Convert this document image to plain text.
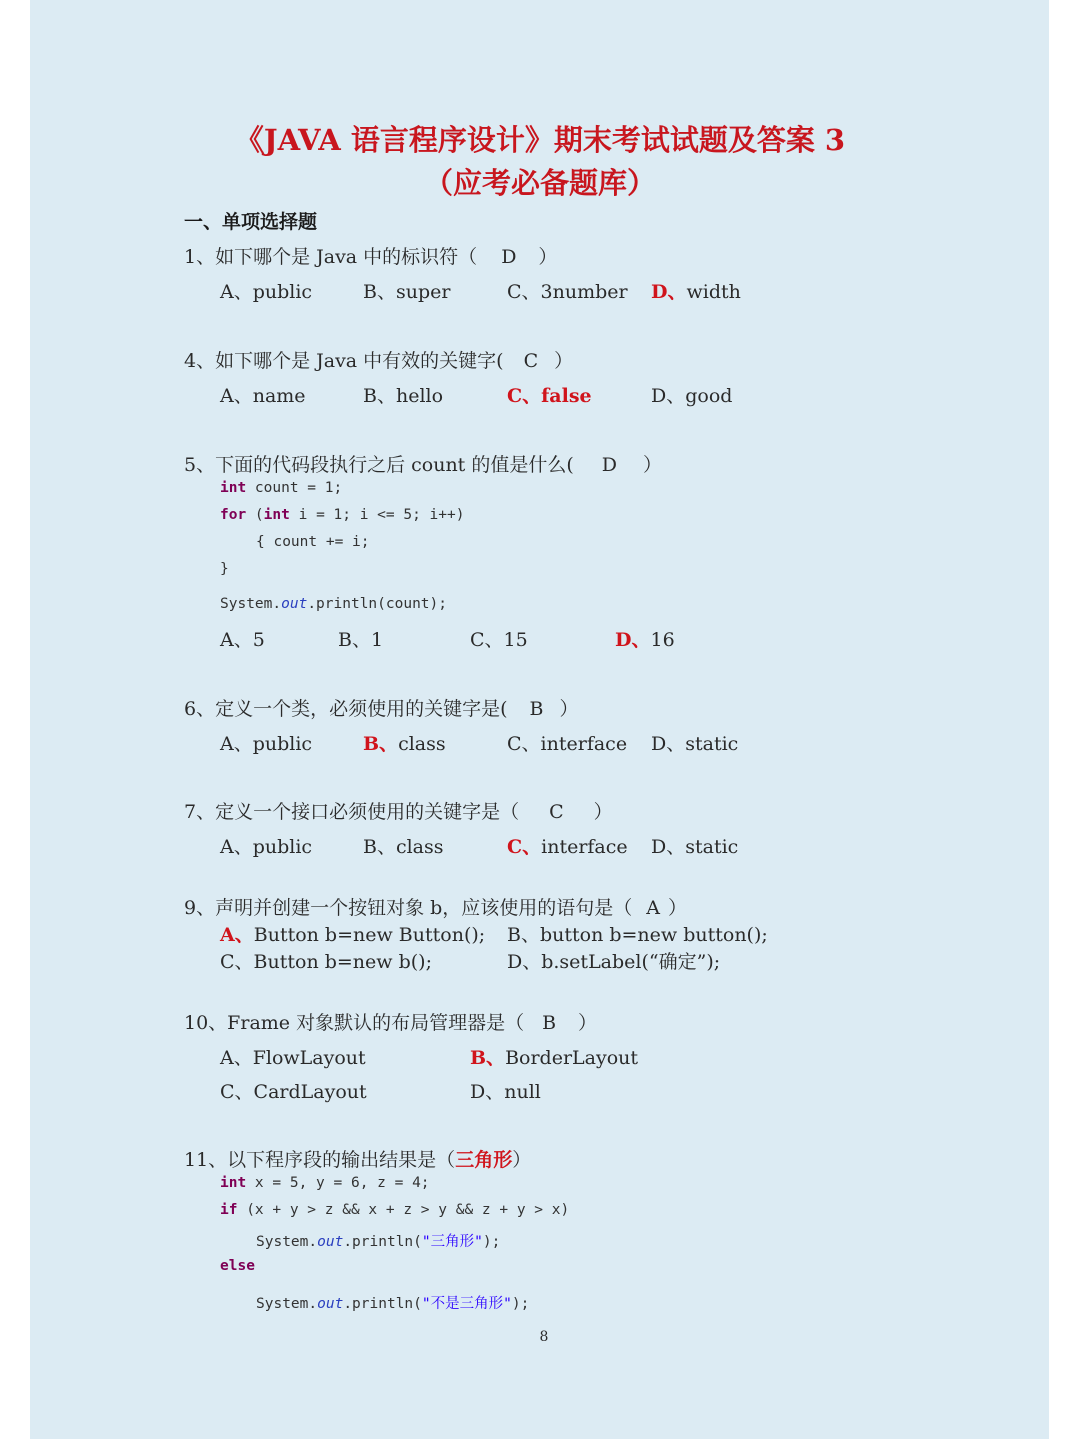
《JAVA 语言程序设计》期末考试试题及答案 3
（应考必备题库）
一、单项选择题
1、如下哪个是 Java 中的标识符（ D ）
A、public	B、super	C、3number D、width
4、如下哪个是 Java 中有效的关键字( C ）
A、name	B、hello	C、false	D、good
5、下面的代码段执行之后 count 的值是什么( D ）
int count = 1;
for (int i = 1; i <= 5; i++)
{ count += i;
}
System.out.println(count);
A、5	B、1	C、15	D、16
6、定义一个类，必须使用的关键字是( B ）
A、public	B、class	C、interface D、static
7、定义一个接口必须使用的关键字是（ C ）
A、public	B、class	C、interface D、static
9、声明并创建一个按钮对象 b，应该使用的语句是（ A ）
A、Button b=new Button(); B、button b=new button();
C、Button b=new b();	D、b.setLabel(“确定”);
10、Frame 对象默认的布局管理器是（ B ）
A、FlowLayout	B、BorderLayout
C、CardLayout	D、null
11、以下程序段的输出结果是（三角形）
int x = 5, y = 6, z = 4;
if (x + y > z && x + z > y && z + y > x)
System.out.println("三角形");
else
System.out.println("不是三角形");
8
